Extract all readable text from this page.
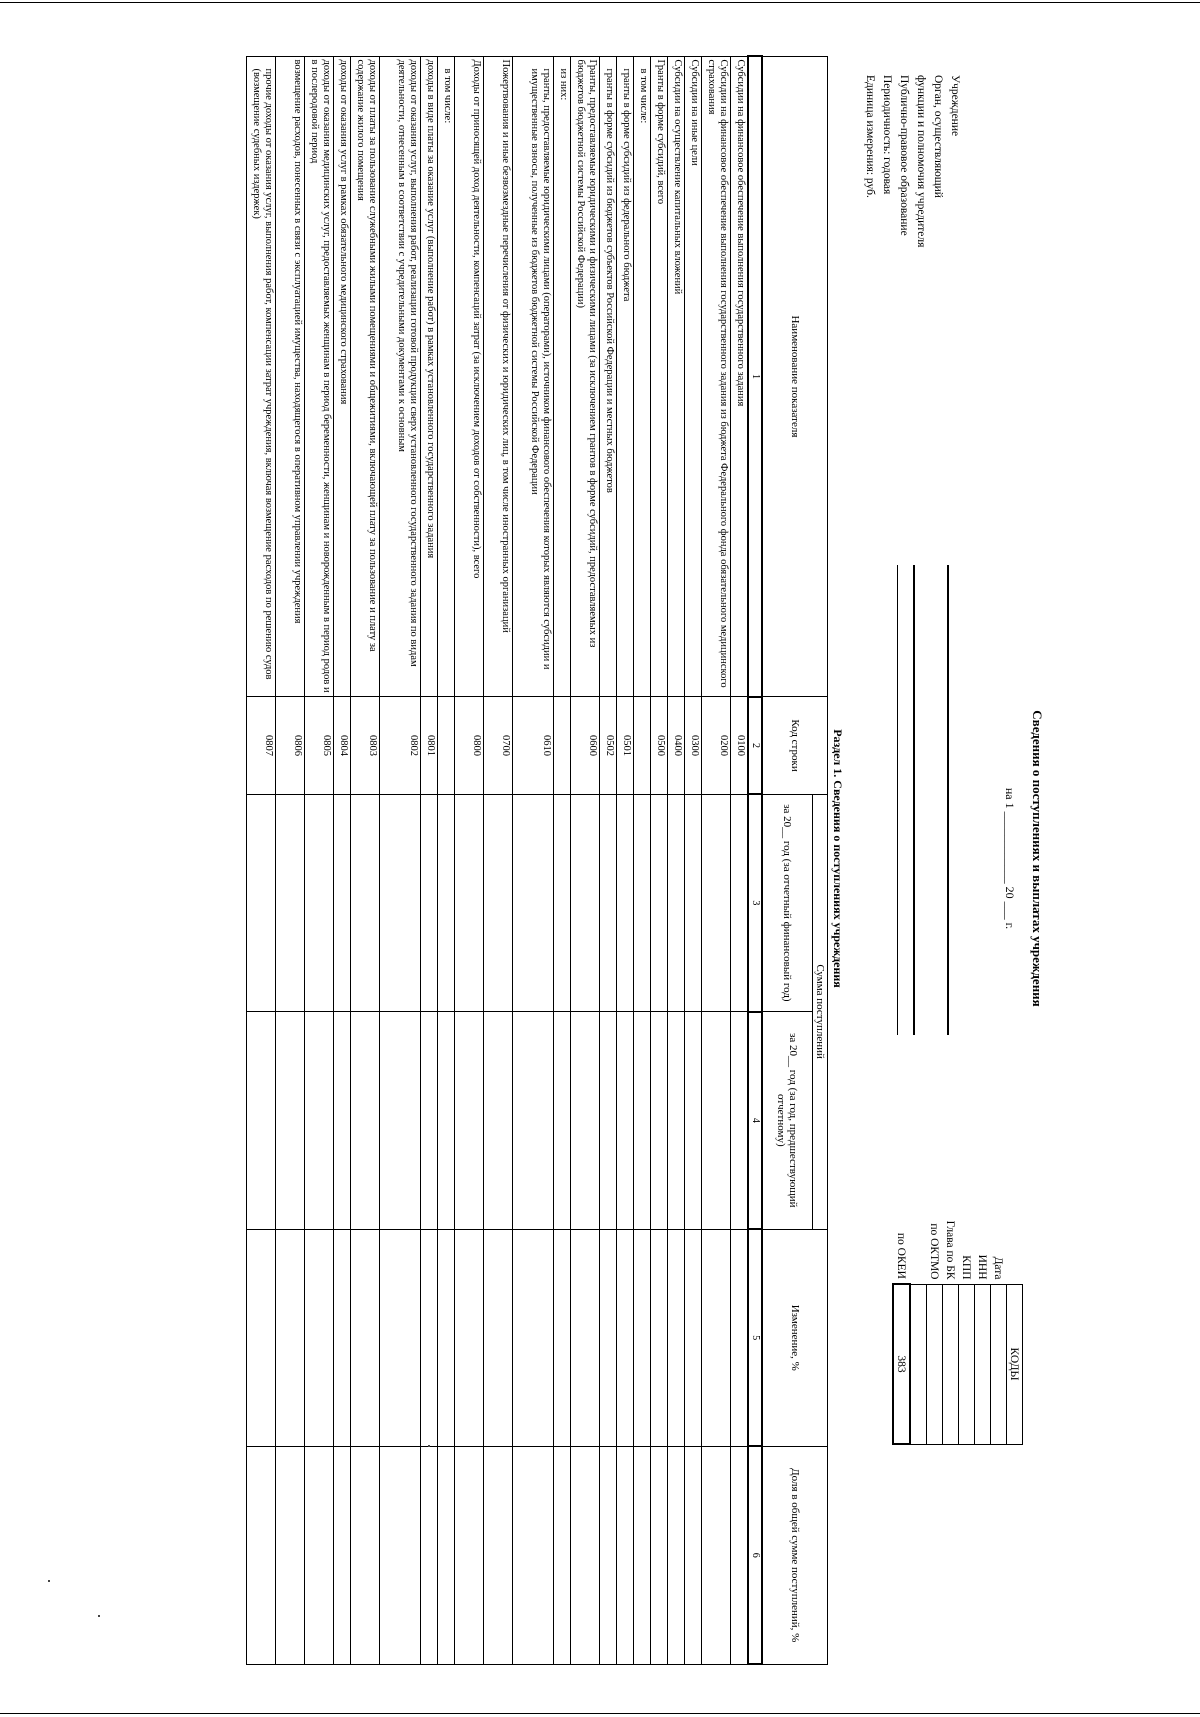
Сведения о поступлениях и выплатах учреждения
на 1 ____________ 20 ___ г.
Учреждение
Орган, осуществляющий
функции и полномочия учредителя
Публично-правовое образование
Периодичность: годовая
Единица измерения: руб.
	КОДЫ
Дата	
ИНН	
КПП	
Глава по БК	
по ОКТМО	

по ОКЕИ	383
Раздел 1. Сведения о поступлениях учреждения
Наименование показателя	Код строки	Сумма поступлений		Изменение, %	Доля в общей сумме поступлений, %
		за 20__ год (за отчетный финансовый год)	за 20__ год (за год, предшествующий отчетному)		
1	2	3	4	5	6
Субсидии на финансовое обеспечение выполнения государственного задания	0100				
Субсидии на финансовое обеспечение выполнения государственного задания из бюджета Федерального фонда обязательного медицинского страхования	0200				
Субсидии на иные цели	0300				
Субсидии на осуществление капитальных вложений	0400				
Гранты в форме субсидий, всего	0500				
в том числе:					
гранты в форме субсидий из федерального бюджета	0501				
гранты в форме субсидий из бюджетов субъектов Российской Федерации и местных бюджетов	0502				
Гранты, предоставляемые юридическими и физическими лицами (за исключением грантов в форме субсидий, предоставляемых из бюджетов бюджетной системы Российской Федерации)	0600				
из них:					
гранты, предоставляемые юридическими лицами (операторами), источником финансового обеспечения которых являются субсидии и имущественные взносы, полученные из бюджетов бюджетной системы Российской Федерации	0610				
Пожертвования и иные безвозмездные перечисления от физических и юридических лиц, в том числе иностранных организаций	0700				
Доходы от приносящей доход деятельности, компенсаций затрат (за исключением доходов от собственности), всего	0800				
в том числе:					
доходы в виде платы за оказание услуг (выполнение работ) в рамках установленного государственного задания	0801				
доходы от оказания услуг, выполнения работ, реализации готовой продукции сверх установленного государственного задания по видам деятельности, отнесенным в соответствии с учредительными документами к основным	0802				
доходы от платы за пользование служебными жилыми помещениями и общежитиями, включающей плату за пользование и плату за содержание жилого помещения	0803				
доходы от оказания услуг в рамках обязательного медицинского страхования	0804				
доходы от оказания медицинских услуг, предоставляемых женщинам в период беременности, женщинам и новорожденным в период родов и в послеродовой период	0805				
возмещение расходов, понесенных в связи с эксплуатацией имущества, находящегося в оперативном управлении учреждения	0806				
прочие доходы от оказания услуг, выполнения работ, компенсации затрат учреждения, включая возмещение расходов по решению судов (возмещение судебных издержек)	0807				
